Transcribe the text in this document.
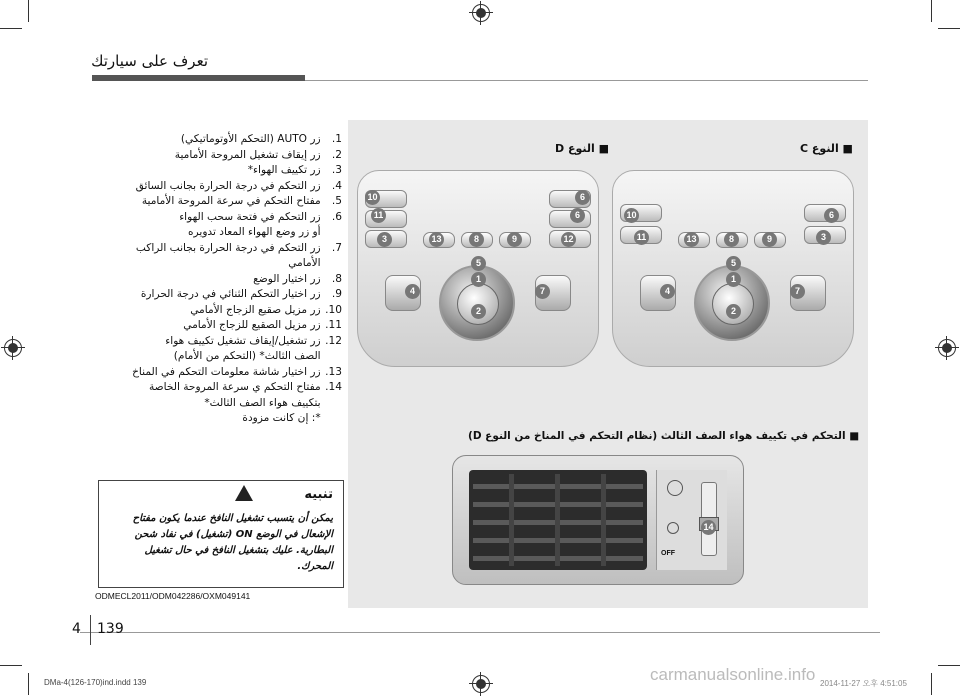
تعرف على سيارتك
1. زر AUTO (التحكم الأوتوماتيكي)
2. زر إيقاف تشغيل المروحة الأمامية
3. زر تكييف الهواء*
4. زر التحكم في درجة الحرارة بجانب السائق
5. مفتاح التحكم في سرعة المروحة الأمامية
6. زر التحكم في فتحة سحب الهواء
أو زر وضع الهواء المعاد تدويره
7. زر التحكم في درجة الحرارة بجانب الراكب
الأمامي
8. زر اختيار الوضع
9. زر اختيار التحكم الثنائي في درجة الحرارة
10. زر مزيل صقيع الزجاج الأمامي
11. زر مزيل الصقيع للزجاج الأمامي
12. زر تشغيل/إيقاف تشغيل تكييف هواء
الصف الثالث* (التحكم من الأمام)
13. زر اختيار شاشة معلومات التحكم في المناخ
14. مفتاح التحكم ي سرعة المروحة الخاصة
بتكييف هواء الصف الثالث*
*: إن كانت مزودة
تنبيه
يمكن أن يتسبب تشغيل النافخ عندما يكون مفتاح الإشعال في الوضع ON (تشغيل) في نفاد شحن البطارية. عليك بتشغيل النافخ في حال تشغيل المحرك.
ODMECL2011/ODM042286/OXM049141
■ النوع C
■ النوع D
10	6
11	6
3	13	8	9	12
5
1
4	7
2
10	6
11	3
13	8	9
5
1
4	7
2
■ التحكم في تكييف هواء الصف الثالث (نظام التحكم في المناخ من النوع D)
OFF
14
4 139
DMa-4(126-170)ind.indd 139	carmanualsonline.info 2014-11-27 오후 4:51:05
